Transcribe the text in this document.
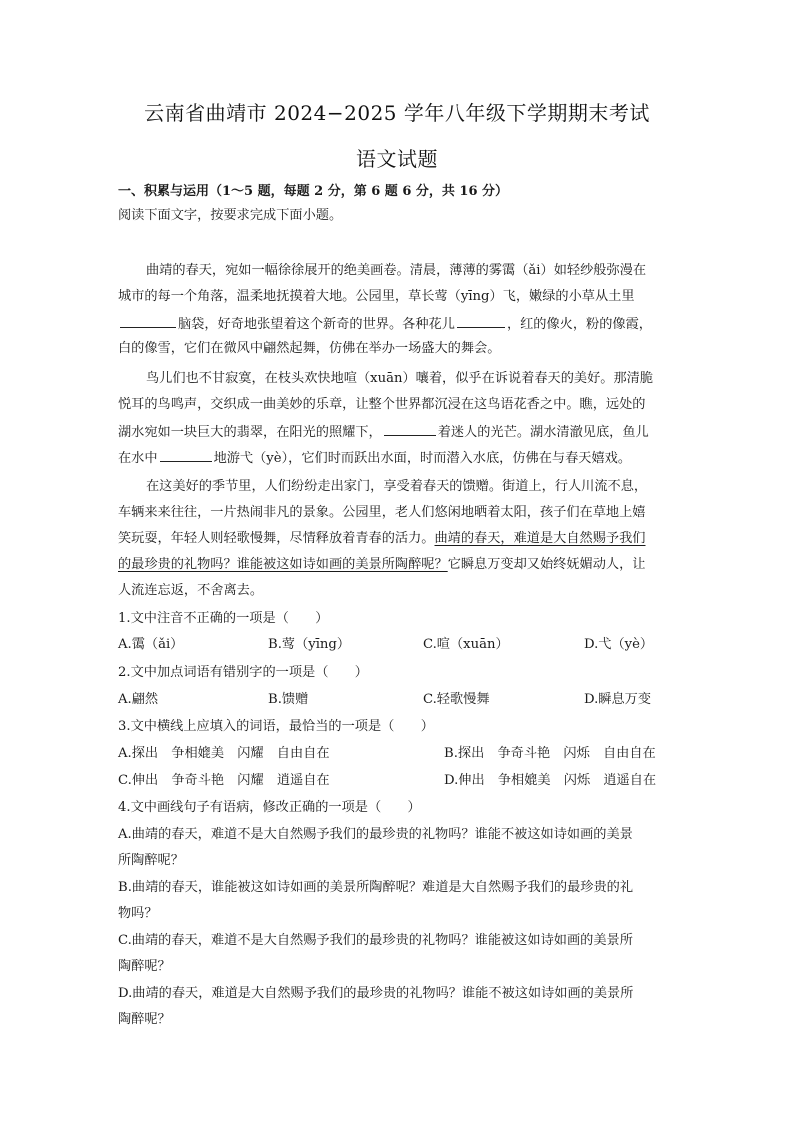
云南省曲靖市 2024−2025 学年八年级下学期期末考试
语文试题
一、积累与运用（1～5 题，每题 2 分，第 6 题 6 分，共 16 分）
阅读下面文字，按要求完成下面小题。
曲靖的春天，宛如一幅徐徐展开的绝美画卷。清晨，薄薄的雾霭（ǎi）如轻纱般弥漫在
城市的每一个角落，温柔地抚摸着大地。公园里，草长莺（yīng）飞，嫩绿的小草从土里
脑袋，好奇地张望着这个新奇的世界。各种花儿	，红的像火，粉的像霞，
白的像雪，它们在微风中翩然起舞，仿佛在举办一场盛大的舞会。
鸟儿们也不甘寂寞，在枝头欢快地喧（xuān）嚷着，似乎在诉说着春天的美好。那清脆
悦耳的鸟鸣声，交织成一曲美妙的乐章，让整个世界都沉浸在这鸟语花香之中。瞧，远处的
湖水宛如一块巨大的翡翠，在阳光的照耀下，	着迷人的光芒。湖水清澈见底，鱼儿
在水中	地游弋（yè），它们时而跃出水面，时而潜入水底，仿佛在与春天嬉戏。
在这美好的季节里，人们纷纷走出家门，享受着春天的馈赠。街道上，行人川流不息，
车辆来来往往，一片热闹非凡的景象。公园里，老人们悠闲地晒着太阳，孩子们在草地上嬉
笑玩耍，年轻人则轻歌慢舞，尽情释放着青春的活力。曲靖的春天，难道是大自然赐予我们
的最珍贵的礼物吗？谁能被这如诗如画的美景所陶醉呢？它瞬息万变却又始终妩媚动人，让
人流连忘返，不舍离去。
1.文中注音不正确的一项是（　　）
A.霭（ǎi）	B.莺（yīng）	C.喧（xuān）	D.弋（yè）
2.文中加点词语有错别字的一项是（　　）
A.翩然	B.馈赠	C.轻歌慢舞	D.瞬息万变
3.文中横线上应填入的词语，最恰当的一项是（　　）
A.探出　争相媲美　闪耀　自由自在	B.探出　争奇斗艳　闪烁　自由自在
C.伸出　争奇斗艳　闪耀　逍遥自在	D.伸出　争相媲美　闪烁　逍遥自在
4.文中画线句子有语病，修改正确的一项是（　　）
A.曲靖的春天，难道不是大自然赐予我们的最珍贵的礼物吗？谁能不被这如诗如画的美景
所陶醉呢？
B.曲靖的春天，谁能被这如诗如画的美景所陶醉呢？难道是大自然赐予我们的最珍贵的礼
物吗？
C.曲靖的春天，难道不是大自然赐予我们的最珍贵的礼物吗？谁能被这如诗如画的美景所
陶醉呢？
D.曲靖的春天，难道是大自然赐予我们的最珍贵的礼物吗？谁能不被这如诗如画的美景所
陶醉呢？
